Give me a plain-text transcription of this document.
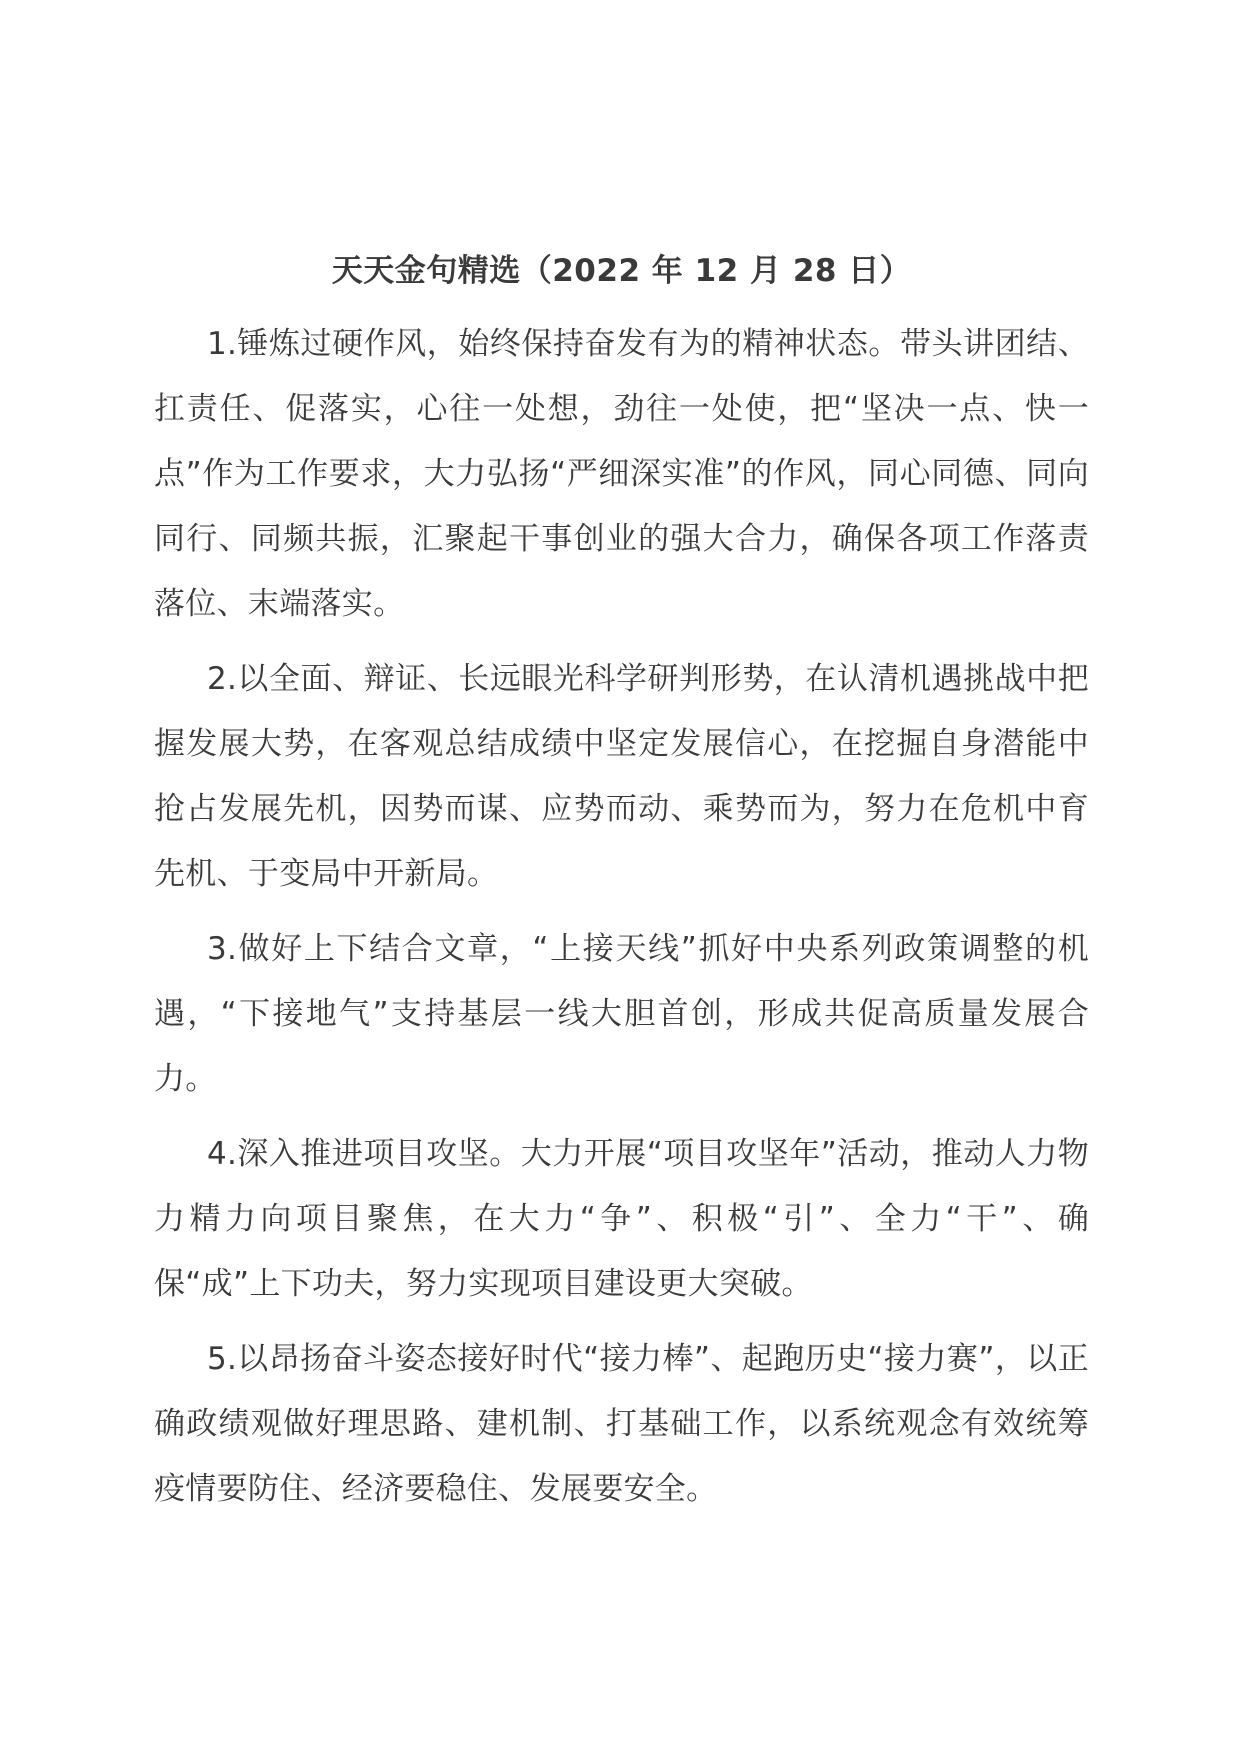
天天金句精选（2022 年 12 月 28 日）

1.锤炼过硬作风，始终保持奋发有为的精神状态。带头讲团结、扛责任、促落实，心往一处想，劲往一处使，把“坚决一点、快一点”作为工作要求，大力弘扬“严细深实准”的作风，同心同德、同向同行、同频共振，汇聚起干事创业的强大合力，确保各项工作落责落位、末端落实。

2.以全面、辩证、长远眼光科学研判形势，在认清机遇挑战中把握发展大势，在客观总结成绩中坚定发展信心，在挖掘自身潜能中抢占发展先机，因势而谋、应势而动、乘势而为，努力在危机中育先机、于变局中开新局。

3.做好上下结合文章，“上接天线”抓好中央系列政策调整的机遇，“下接地气”支持基层一线大胆首创，形成共促高质量发展合力。

4.深入推进项目攻坚。大力开展“项目攻坚年”活动，推动人力物力精力向项目聚焦，在大力“争”、积极“引”、全力“干”、确保“成”上下功夫，努力实现项目建设更大突破。

5.以昂扬奋斗姿态接好时代“接力棒”、起跑历史“接力赛”，以正确政绩观做好理思路、建机制、打基础工作，以系统观念有效统筹疫情要防住、经济要稳住、发展要安全。
